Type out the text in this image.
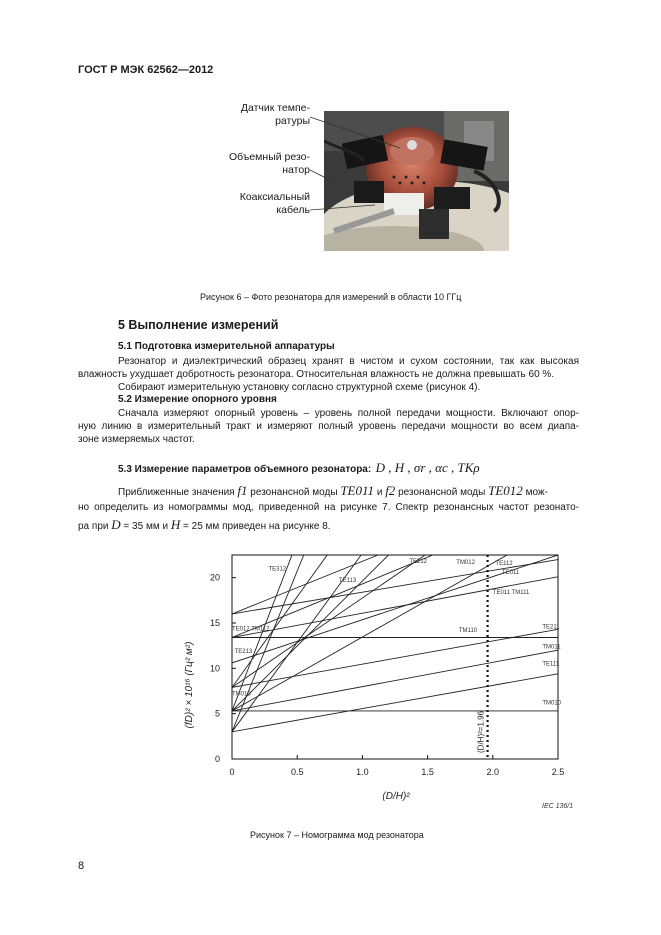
ГОСТ Р МЭК 62562—2012
Датчик темпе-
ратуры
Объемный резо-
натор
Коаксиальный
кабель
Рисунок 6 – Фото резонатора для измерений в области 10 ГГц
5 Выполнение измерений
5.1 Подготовка измерительной аппаратуры
Резонатор и диэлектрический образец хранят в чистом и сухом состоянии, так как высокая
влажность ухудшает добротность резонатора. Относительная влажность не должна превышать 60 %.
Собирают измерительную установку согласно структурной схеме (рисунок 4).
5.2 Измерение опорного уровня
Сначала измеряют опорный уровень – уровень полной передачи мощности. Включают опор-
ную линию в измерительный тракт и измеряют полный уровень передачи мощности во всем диапа-
зоне измеряемых частот.
5.3 Измерение параметров объемного резонатора: D , H , σr , αc , TKρ
Приближенные значения f1 резонансной моды TE011 и f2 резонансной моды TE012 мож-
но определить из номограммы мод, приведенной на рисунке 7. Спектр резонансных частот резонато-
ра при D = 35 мм и H = 25 мм приведен на рисунке 8.
TE312
TE113
TE212	TM012	TE112
TE011
TE011 TM111
TE012 TM112	TM110
TE211
TE213
TM011
TE111
TM013
TM010
0	0.5	1.0	1.5	2.0	2.5
0
5
10
15
20
(D/H)²=1.96
(fD)² × 10¹⁶ (Гц² м²)
(D/H)²
IEC 136/1
Рисунок 7 – Номограмма мод резонатора
8
